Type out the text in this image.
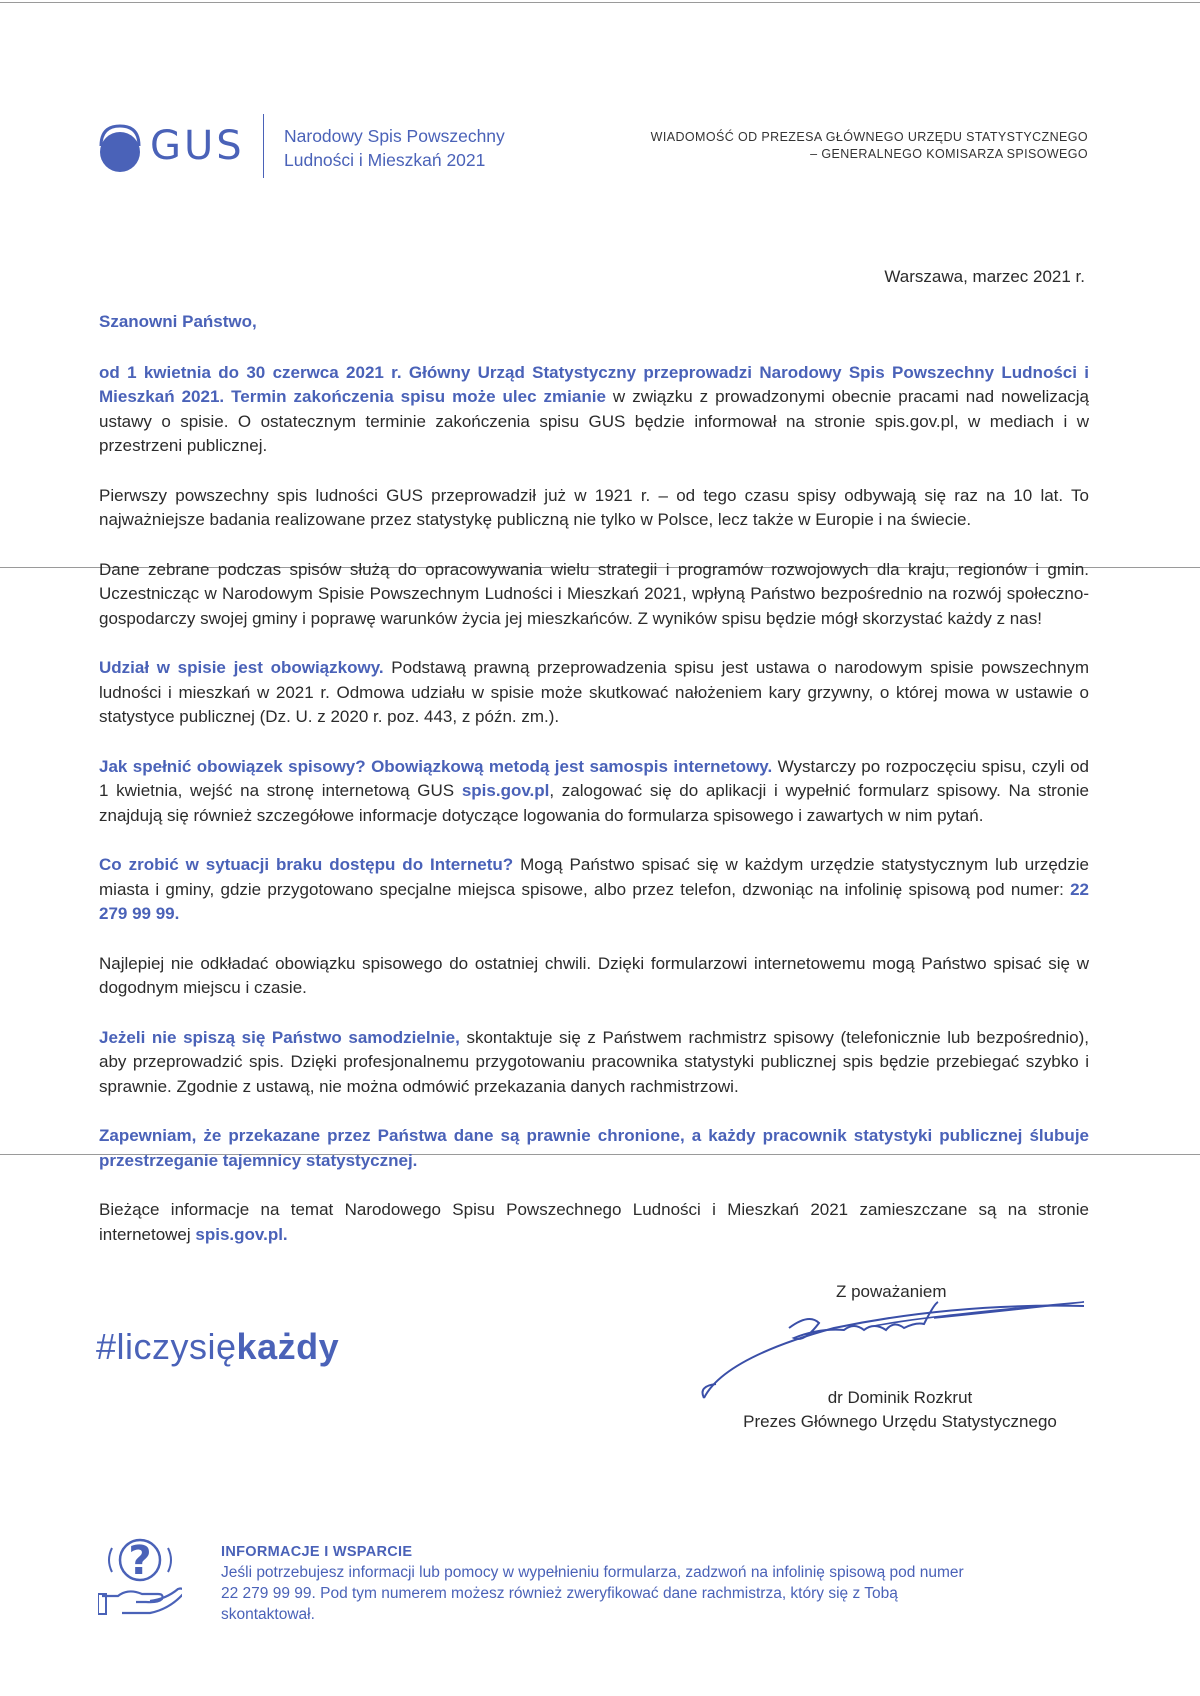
GUS Narodowy Spis Powszechny
Ludności i Mieszkań 2021
WIADOMOŚĆ OD PREZESA GŁÓWNEGO URZĘDU STATYSTYCZNEGO
– GENERALNEGO KOMISARZA SPISOWEGO
Warszawa, marzec 2021 r.

Szanowni Państwo,

od 1 kwietnia do 30 czerwca 2021 r. Główny Urząd Statystyczny przeprowadzi Narodowy Spis Powszechny Ludności i Mieszkań 2021. Termin zakończenia spisu może ulec zmianie w związku z prowadzonymi obecnie pracami nad nowelizacją ustawy o spisie. O ostatecznym terminie zakończenia spisu GUS będzie informował na stronie spis.gov.pl, w mediach i w przestrzeni publicznej.

Pierwszy powszechny spis ludności GUS przeprowadził już w 1921 r. – od tego czasu spisy odbywają się raz na 10 lat. To najważniejsze badania realizowane przez statystykę publiczną nie tylko w Polsce, lecz także w Europie i na świecie.

Dane zebrane podczas spisów służą do opracowywania wielu strategii i programów rozwojowych dla kraju, regionów i gmin. Uczestnicząc w Narodowym Spisie Powszechnym Ludności i Mieszkań 2021, wpłyną Państwo bezpośrednio na rozwój społeczno-gospodarczy swojej gminy i poprawę warunków życia jej mieszkańców. Z wyników spisu będzie mógł skorzystać każdy z nas!

Udział w spisie jest obowiązkowy. Podstawą prawną przeprowadzenia spisu jest ustawa o narodowym spisie powszechnym ludności i mieszkań w 2021 r. Odmowa udziału w spisie może skutkować nałożeniem kary grzywny, o której mowa w ustawie o statystyce publicznej (Dz. U. z 2020 r. poz. 443, z późn. zm.).

Jak spełnić obowiązek spisowy? Obowiązkową metodą jest samospis internetowy. Wystarczy po rozpoczęciu spisu, czyli od 1 kwietnia, wejść na stronę internetową GUS spis.gov.pl, zalogować się do aplikacji i wypełnić formularz spisowy. Na stronie znajdują się również szczegółowe informacje dotyczące logowania do formularza spisowego i zawartych w nim pytań.

Co zrobić w sytuacji braku dostępu do Internetu? Mogą Państwo spisać się w każdym urzędzie statystycznym lub urzędzie miasta i gminy, gdzie przygotowano specjalne miejsca spisowe, albo przez telefon, dzwoniąc na infolinię spisową pod numer: 22 279 99 99.

Najlepiej nie odkładać obowiązku spisowego do ostatniej chwili. Dzięki formularzowi internetowemu mogą Państwo spisać się w dogodnym miejscu i czasie.

Jeżeli nie spiszą się Państwo samodzielnie, skontaktuje się z Państwem rachmistrz spisowy (telefonicznie lub bezpośrednio), aby przeprowadzić spis. Dzięki profesjonalnemu przygotowaniu pracownika statystyki publicznej spis będzie przebiegać szybko i sprawnie. Zgodnie z ustawą, nie można odmówić przekazania danych rachmistrzowi.

Zapewniam, że przekazane przez Państwa dane są prawnie chronione, a każdy pracownik statystyki publicznej ślubuje przestrzeganie tajemnicy statystycznej.

Bieżące informacje na temat Narodowego Spisu Powszechnego Ludności i Mieszkań 2021 zamieszczane są na stronie internetowej spis.gov.pl.

Z poważaniem
dr Dominik Rozkrut
Prezes Głównego Urzędu Statystycznego
#liczysiękażdy
?	INFORMACJE I WSPARCIE
Jeśli potrzebujesz informacji lub pomocy w wypełnieniu formularza, zadzwoń na infolinię spisową pod numer 22 279 99 99. Pod tym numerem możesz również zweryfikować dane rachmistrza, który się z Tobą skontaktował.
